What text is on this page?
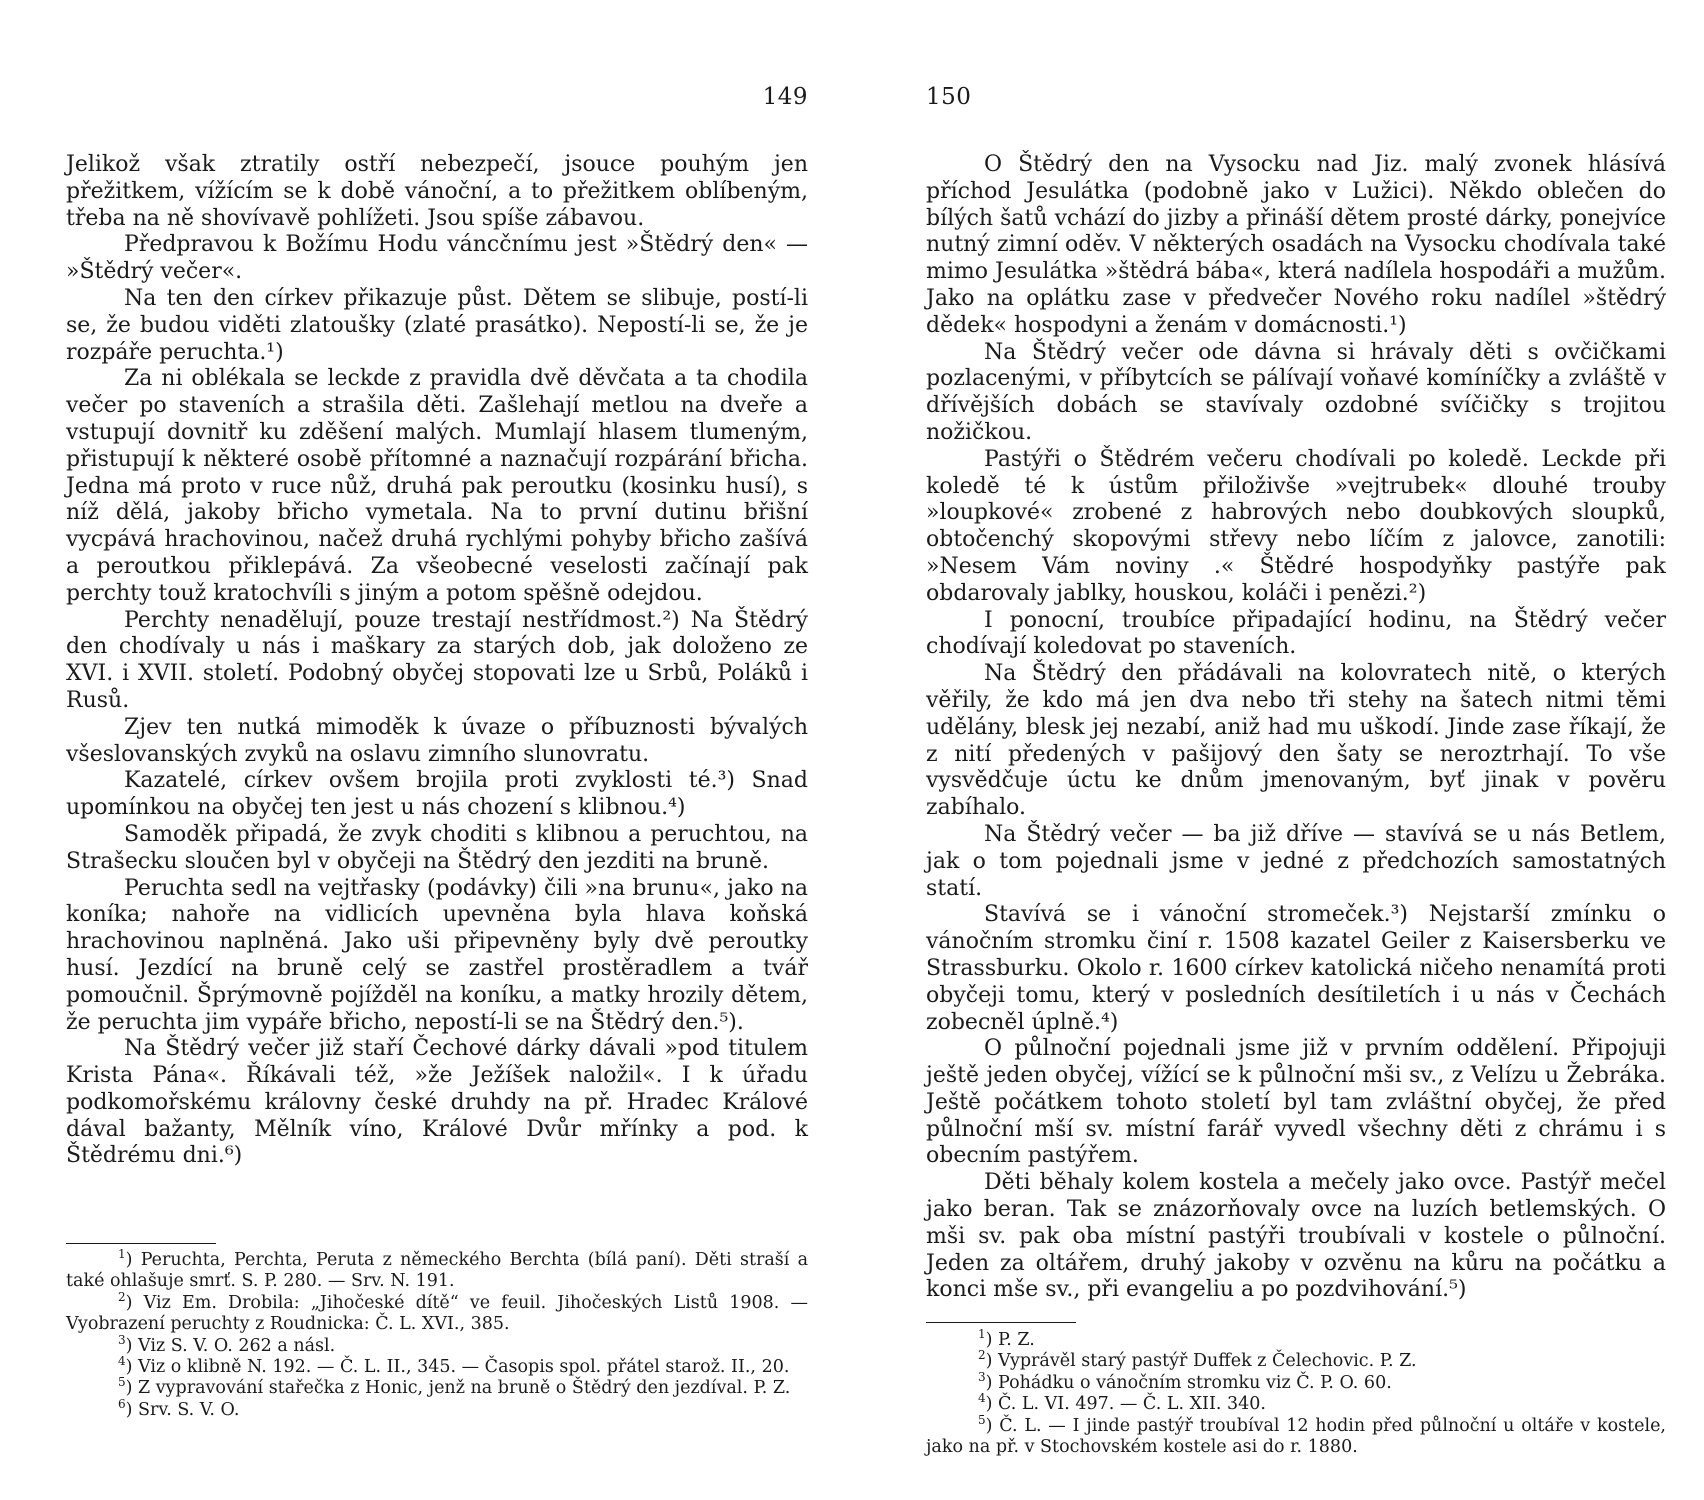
149

Jelikož však ztratily ostří nebezpečí, jsouce pouhým jen přežitkem, vížícím se k době vánoční, a to přežitkem oblíbeným, třeba na ně shovívavě pohlížeti. Jsou spíše zábavou.

Předpravou k Božímu Hodu váncčnímu jest »Štědrý den« — »Štědrý večer«.

Na ten den církev přikazuje půst. Dětem se slibuje, postí-li se, že budou viděti zlatoušky (zlaté prasátko). Nepostí-li se, že je rozpáře peruchta.¹)

Za ni oblékala se leckde z pravidla dvě děvčata a ta chodila večer po staveních a strašila děti. Zašlehají metlou na dveře a vstupují dovnitř ku zděšení malých. Mumlají hlasem tlumeným, přistupují k některé osobě přítomné a naznačují rozpárání břicha. Jedna má proto v ruce nůž, druhá pak peroutku (kosinku husí), s níž dělá, jakoby břicho vymetala. Na to první dutinu břišní vycpává hrachovinou, načež druhá rychlými pohyby břicho zašívá a peroutkou přiklepává. Za všeobecné veselosti začínají pak perchty touž kratochvíli s jiným a potom spěšně odejdou.

Perchty nenadělují, pouze trestají nestřídmost.²) Na Štědrý den chodívaly u nás i maškary za starých dob, jak doloženo ze XVI. i XVII. století. Podobný obyčej stopovati lze u Srbů, Poláků i Rusů.

Zjev ten nutká mimoděk k úvaze o příbuznosti bývalých všeslovanských zvyků na oslavu zimního slunovratu.

Kazatelé, církev ovšem brojila proti zvyklosti té.³) Snad upomínkou na obyčej ten jest u nás chození s klibnou.⁴)

Samoděk připadá, že zvyk choditi s klibnou a peruchtou, na Strašecku sloučen byl v obyčeji na Štědrý den jezditi na bruně.

Peruchta sedl na vejtřasky (podávky) čili »na brunu«, jako na koníka; nahoře na vidlicích upevněna byla hlava koňská hrachovinou naplněná. Jako uši připevněny byly dvě peroutky husí. Jezdící na bruně celý se zastřel prostěradlem a tvář pomoučnil. Šprýmovně pojížděl na koníku, a matky hrozily dětem, že peruchta jim vypáře břicho, nepostí-li se na Štědrý den.⁵).

Na Štědrý večer již staří Čechové dárky dávali »pod titulem Krista Pána«. Říkávali též, »že Ježíšek naložil«. I k úřadu podkomořskému královny české druhdy na př. Hradec Králové dával bažanty, Mělník víno, Králové Dvůr mřínky a pod. k Štědrému dni.⁶)

$^1$) Peruchta, Perchta, Peruta z německého Berchta (bílá paní). Děti straší a také ohlašuje smrť. S. P. 280. — Srv. N. 191.

$^2$) Viz Em. Drobila: „Jihočeské dítě“ ve feuil. Jihočeských Listů 1908. — Vyobrazení peruchty z Roudnicka: Č. L. XVI., 385.

$^3$) Viz S. V. O. 262 a násl.

$^4$) Viz o klibně N. 192. — Č. L. II., 345. — Časopis spol. přátel starož. II., 20.

$^5$) Z vypravování stařečka z Honic, jenž na bruně o Štědrý den jezdíval. P. Z.

$^6$) Srv. S. V. O.

150

O Štědrý den na Vysocku nad Jiz. malý zvonek hlásívá příchod Jesulátka (podobně jako v Lužici). Někdo oblečen do bílých šatů vchází do jizby a přináší dětem prosté dárky, ponejvíce nutný zimní oděv. V některých osadách na Vysocku chodívala také mimo Jesulátka »štědrá bába«, která nadílela hospodáři a mužům. Jako na oplátku zase v předvečer Nového roku nadílel »štědrý dědek« hospodyni a ženám v domácnosti.¹)

Na Štědrý večer ode dávna si hrávaly děti s ovčičkami pozlacenými, v příbytcích se pálívají voňavé komíníčky a zvláště v dřívějších dobách se stavívaly ozdobné svíčičky s trojitou nožičkou.

Pastýři o Štědrém večeru chodívali po koledě. Leckde při koledě té k ústům přiloživše »vejtrubek« dlouhé trouby »loupkové« zrobené z habrových nebo doubkových sloupků, obtočenchý skopovými střevy nebo líčím z jalovce, zanotili: »Nesem Vám noviny .« Štědré hospodyňky pastýře pak obdarovaly jablky, houskou, koláči i penězi.²)

I ponocní, troubíce připadající hodinu, na Štědrý večer chodívají koledovat po staveních.

Na Štědrý den přádávali na kolovratech nitě, o kterých věřily, že kdo má jen dva nebo tři stehy na šatech nitmi těmi udělány, blesk jej nezabí, aniž had mu uškodí. Jinde zase říkají, že z nití předených v pašijový den šaty se neroztrhají. To vše vysvědčuje úctu ke dnům jmenovaným, byť jinak v pověru zabíhalo.

Na Štědrý večer — ba již dříve — stavívá se u nás Betlem, jak o tom pojednali jsme v jedné z předchozích samostatných statí.

Stavívá se i vánoční stromeček.³) Nejstarší zmínku o vánočním stromku činí r. 1508 kazatel Geiler z Kaisersberku ve Strassburku. Okolo r. 1600 církev katolická ničeho nenamítá proti obyčeji tomu, který v posledních desítiletích i u nás v Čechách zobecněl úplně.⁴)

O půlnoční pojednali jsme již v prvním oddělení. Připojuji ještě jeden obyčej, vížící se k půlnoční mši sv., z Velízu u Žebráka. Ještě počátkem tohoto století byl tam zvláštní obyčej, že před půlnoční mší sv. místní farář vyvedl všechny děti z chrámu i s obecním pastýřem.

Děti běhaly kolem kostela a mečely jako ovce. Pastýř mečel jako beran. Tak se znázorňovaly ovce na luzích betlemských. O mši sv. pak oba místní pastýři troubívali v kostele o půlnoční. Jeden za oltářem, druhý jakoby v ozvěnu na kůru na počátku a konci mše sv., při evangeliu a po pozdvihování.⁵)

$^1$) P. Z.

$^2$) Vyprávěl starý pastýř Duffek z Čelechovic. P. Z.

$^3$) Pohádku o vánočním stromku viz Č. P. O. 60.

$^4$) Č. L. VI. 497. — Č. L. XII. 340.

$^5$) Č. L. — I jinde pastýř troubíval 12 hodin před půlnoční u oltáře v kostele, jako na př. v Stochovském kostele asi do r. 1880.
